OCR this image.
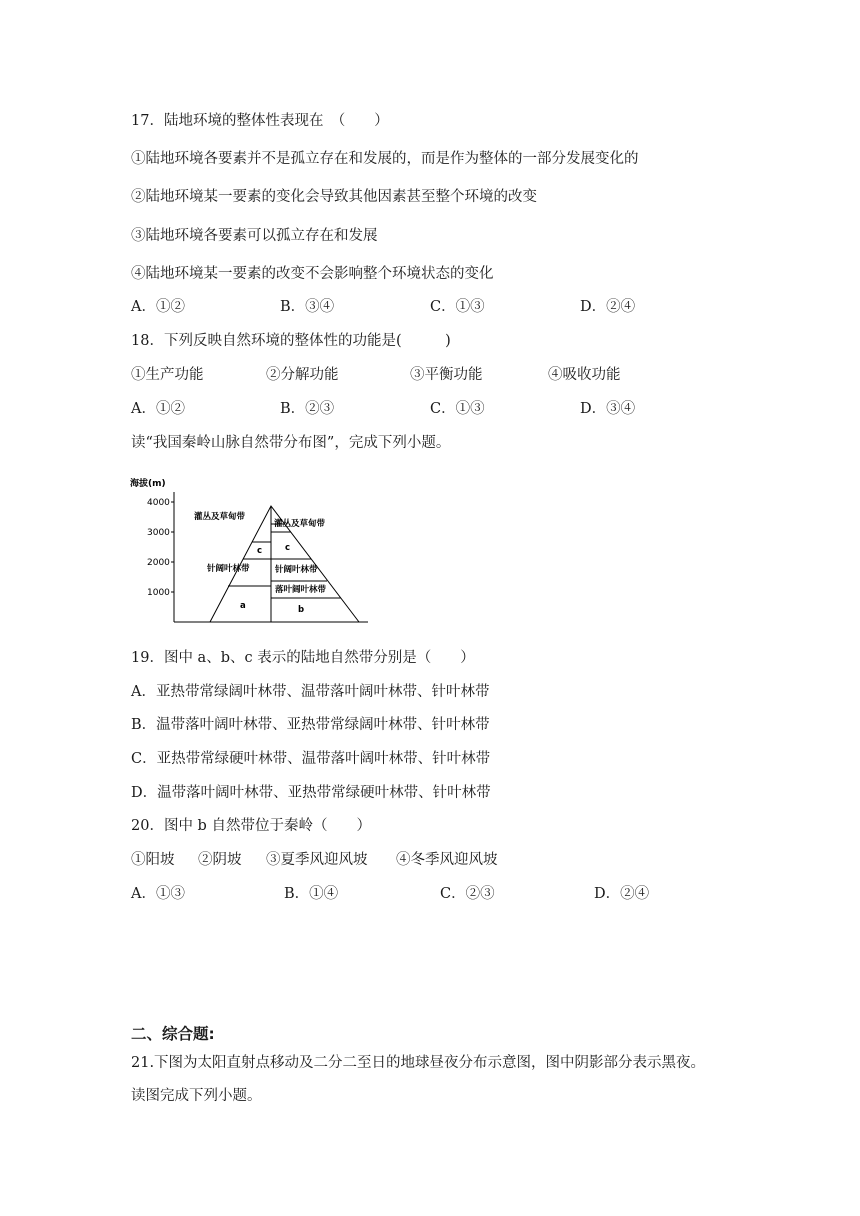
17．陆地环境的整体性表现在　（　　）
①陆地环境各要素并不是孤立存在和发展的，而是作为整体的一部分发展变化的
②陆地环境某一要素的变化会导致其他因素甚至整个环境的改变
③陆地环境各要素可以孤立存在和发展
④陆地环境某一要素的改变不会影响整个环境状态的变化
A．①②	B．③④	C．①③	D．②④
18．下列反映自然环境的整体性的功能是(　　　)
①生产功能	②分解功能	③平衡功能	④吸收功能
A．①②	B．②③	C．①③	D．③④
读“我国秦岭山脉自然带分布图”，完成下列小题。
海拔(m)
4000
3000
2000
1000
灌丛及草甸带
c
针阔叶林带
a
灌丛及草甸带
c
针阔叶林带
落叶阔叶林带
b
19．图中 a、b、c 表示的陆地自然带分别是（　　）
A．亚热带常绿阔叶林带、温带落叶阔叶林带、针叶林带
B．温带落叶阔叶林带、亚热带常绿阔叶林带、针叶林带
C．亚热带常绿硬叶林带、温带落叶阔叶林带、针叶林带
D．温带落叶阔叶林带、亚热带常绿硬叶林带、针叶林带
20．图中 b 自然带位于秦岭（　　）
①阳坡 ②阴坡 ③夏季风迎风坡 ④冬季风迎风坡
A．①③	B．①④	C．②③	D．②④
二、综合题:
21.下图为太阳直射点移动及二分二至日的地球昼夜分布示意图，图中阴影部分表示黑夜。
读图完成下列小题。
